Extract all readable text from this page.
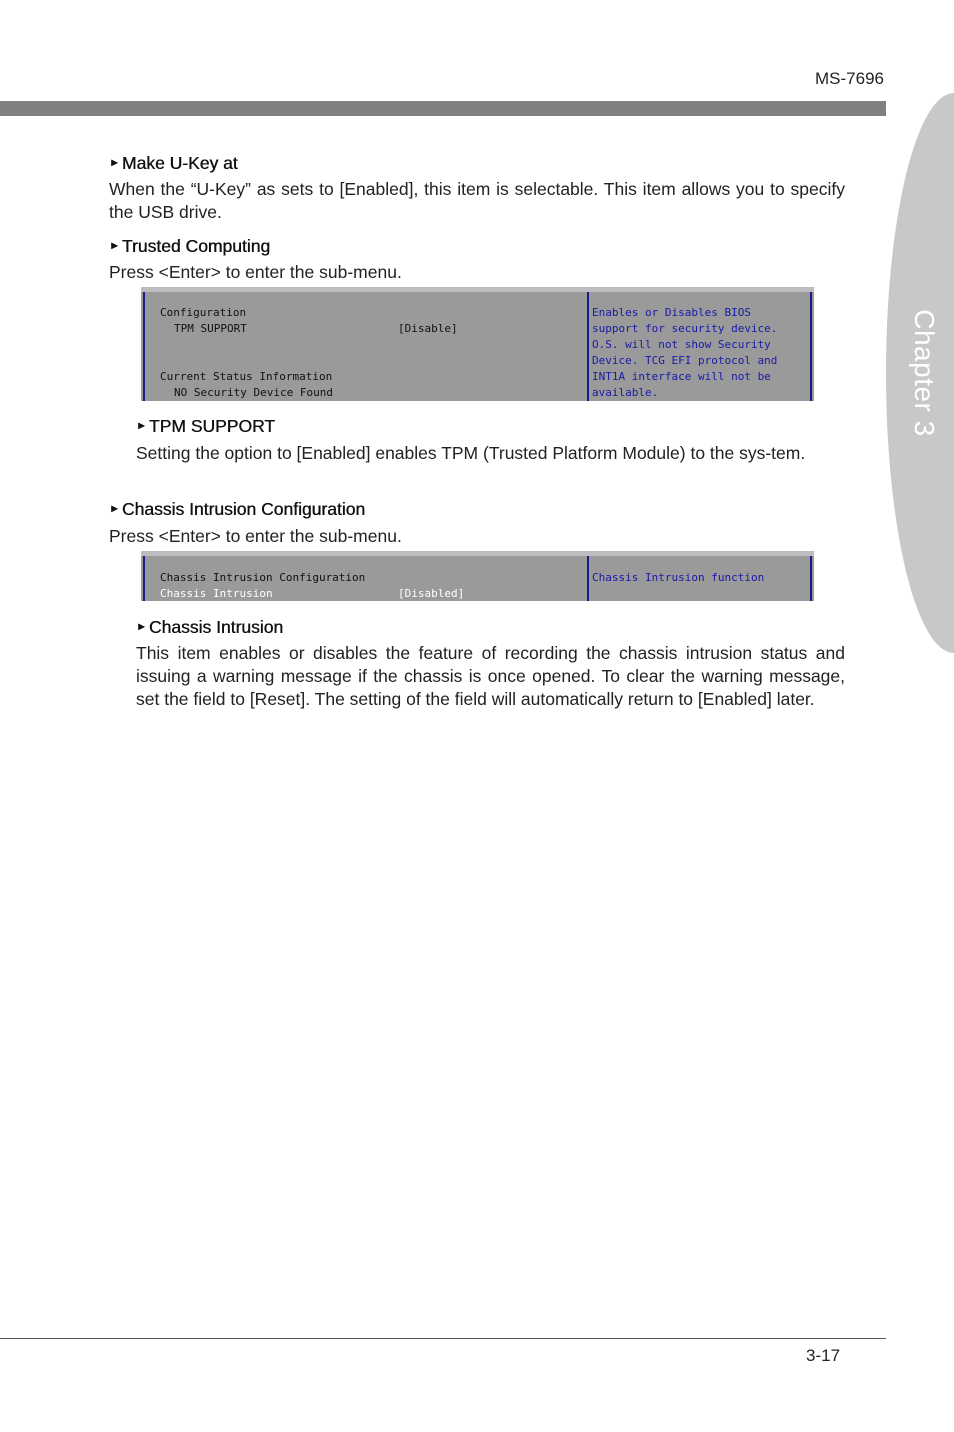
MS-7696
Chapter 3
► Make U-Key at
When the “U-Key” as sets to [Enabled], this item is selectable. This item allows you to specify the USB drive.
► Trusted Computing
Press <Enter> to enter the sub-menu.
Configuration
TPM SUPPORT	[Disable]
Current Status Information
NO Security Device Found
Enables or Disables BIOS
support for security device.
O.S. will not show Security
Device. TCG EFI protocol and
INT1A interface will not be
available.
► TPM SUPPORT
Setting the option to [Enabled] enables TPM (Trusted Platform Module) to the sys-tem.
► Chassis Intrusion Configuration
Press <Enter> to enter the sub-menu.
Chassis Intrusion Configuration
Chassis Intrusion	[Disabled]
Chassis Intrusion function
► Chassis Intrusion
This item enables or disables the feature of recording the chassis intrusion status and issuing a warning message if the chassis is once opened. To clear the warning message, set the field to [Reset]. The setting of the field will automatically return to [Enabled] later.
3-17
